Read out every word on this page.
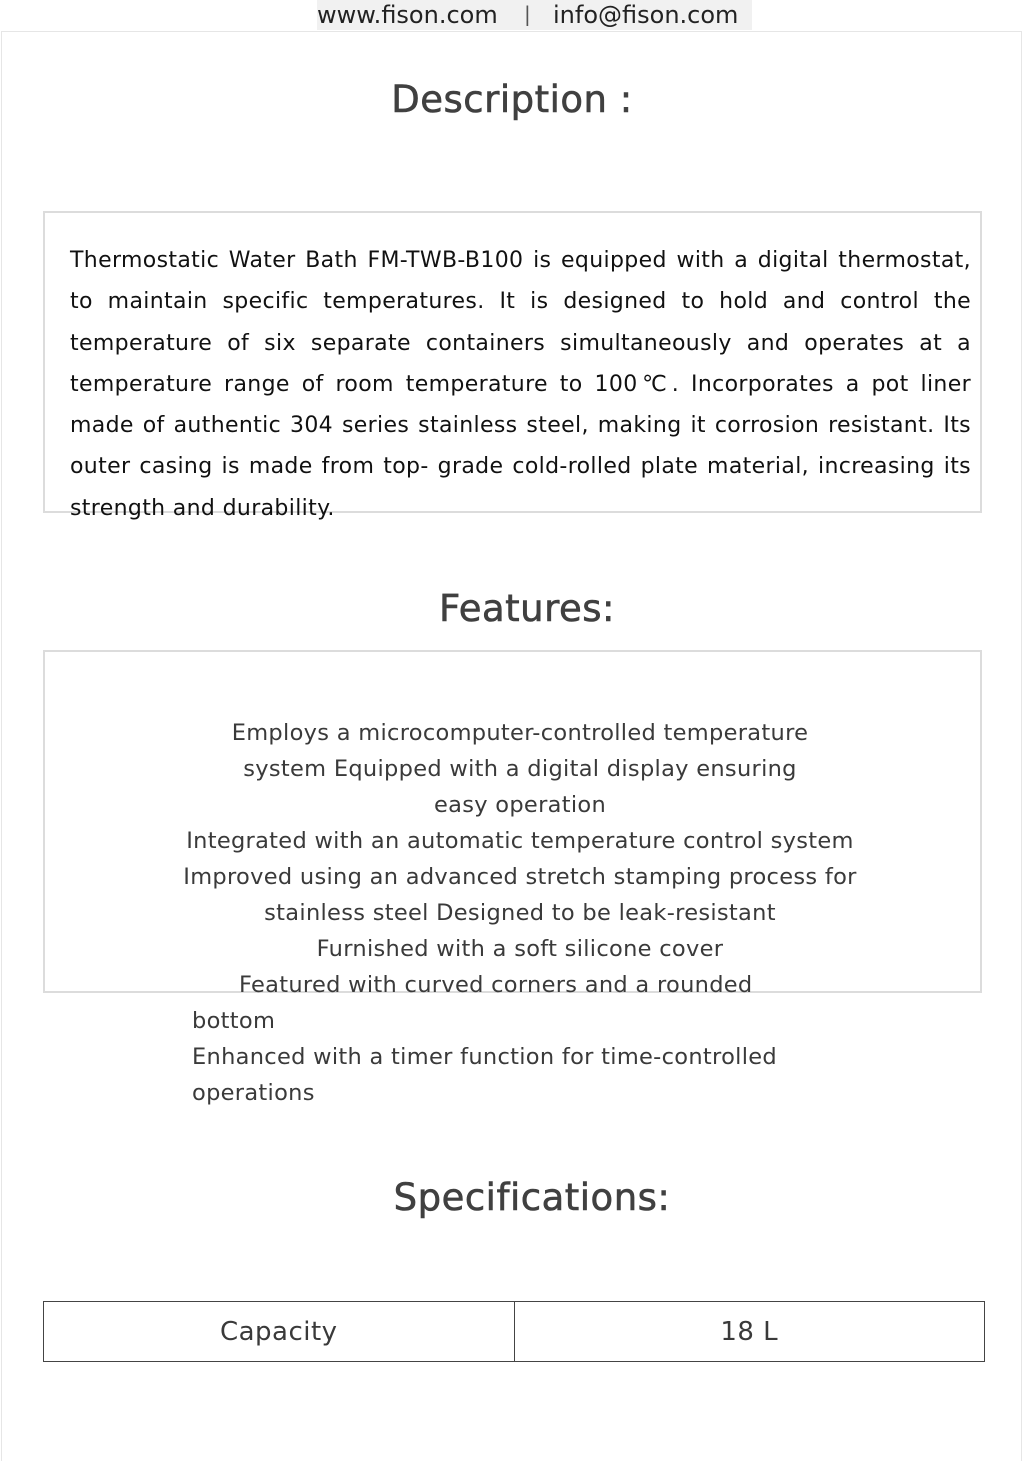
www.fison.com | info@fison.com
Description :

Thermostatic Water Bath FM-TWB-B100 is equipped with a digital thermostat, to maintain specific temperatures. It is designed to hold and control the temperature of six separate containers simultaneously and operates at a temperature range of room temperature to 100℃. Incorporates a pot liner made of authentic 304 series stainless steel, making it corrosion resistant. Its outer casing is made from top- grade cold-rolled plate material, increasing its strength and durability.

Features:
Employs a microcomputer-controlled temperature
system Equipped with a digital display ensuring
easy operation
Integrated with an automatic temperature control system
Improved using an advanced stretch stamping process for
stainless steel Designed to be leak-resistant
Furnished with a soft silicone cover
Featured with curved corners and a rounded
bottom
Enhanced with a timer function for time-controlled
operations
Specifications:
Capacity	18 L
